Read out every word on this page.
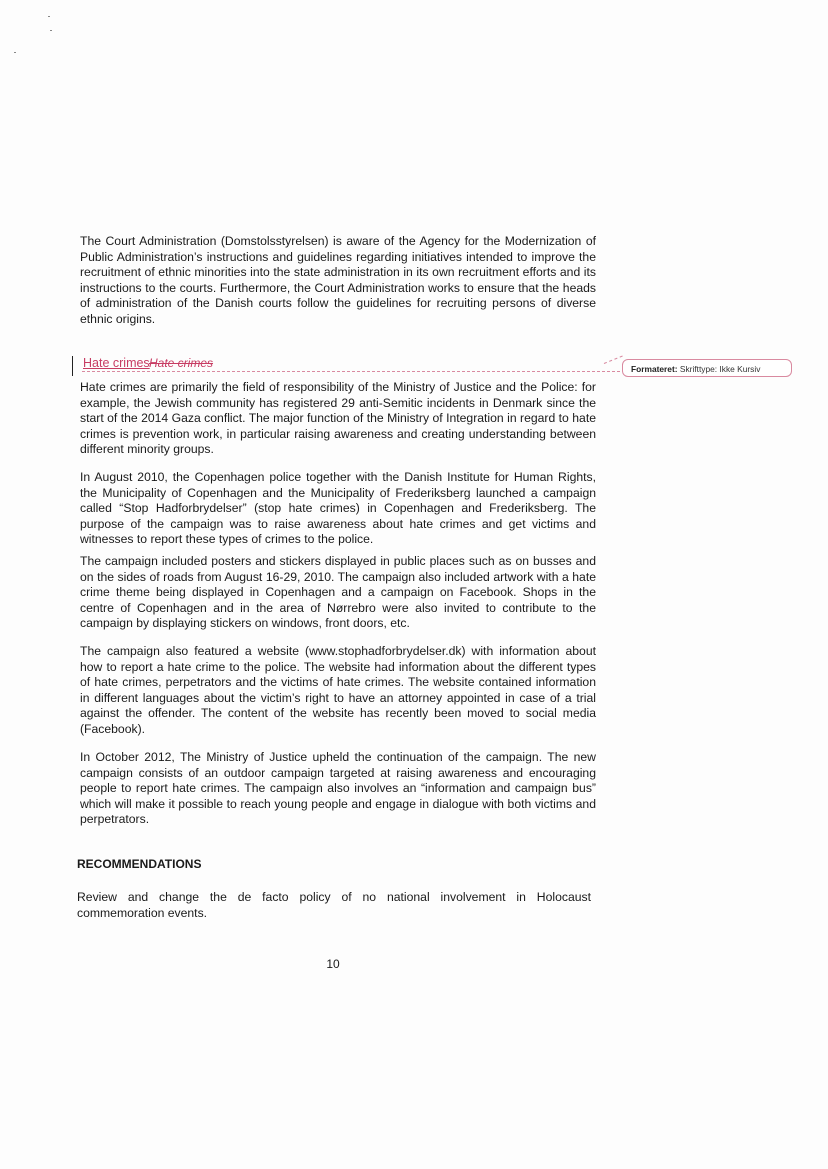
The Court Administration (Domstolsstyrelsen) is aware of the Agency for the Modernization of Public Administration’s instructions and guidelines regarding initiatives intended to improve the recruitment of ethnic minorities into the state administration in its own recruitment efforts and its instructions to the courts. Furthermore, the Court Administration works to ensure that the heads of administration of the Danish courts follow the guidelines for recruiting persons of diverse ethnic origins.

Hate crimes Hate crimes	Formateret: Skrifttype: Ikke Kursiv

Hate crimes are primarily the field of responsibility of the Ministry of Justice and the Police: for example, the Jewish community has registered 29 anti-Semitic incidents in Denmark since the start of the 2014 Gaza conflict. The major function of the Ministry of Integration in regard to hate crimes is prevention work, in particular raising awareness and creating understanding between different minority groups.

In August 2010, the Copenhagen police together with the Danish Institute for Human Rights, the Municipality of Copenhagen and the Municipality of Frederiksberg launched a campaign called “Stop Hadforbrydelser” (stop hate crimes) in Copenhagen and Frederiksberg. The purpose of the campaign was to raise awareness about hate crimes and get victims and witnesses to report these types of crimes to the police.

The campaign included posters and stickers displayed in public places such as on busses and on the sides of roads from August 16-29, 2010. The campaign also included artwork with a hate crime theme being displayed in Copenhagen and a campaign on Facebook. Shops in the centre of Copenhagen and in the area of Nørrebro were also invited to contribute to the campaign by displaying stickers on windows, front doors, etc.

The campaign also featured a website (www.stophadforbrydelser.dk) with information about how to report a hate crime to the police. The website had information about the different types of hate crimes, perpetrators and the victims of hate crimes. The website contained information in different languages about the victim’s right to have an attorney appointed in case of a trial against the offender. The content of the website has recently been moved to social media (Facebook).

In October 2012, The Ministry of Justice upheld the continuation of the campaign. The new campaign consists of an outdoor campaign targeted at raising awareness and encouraging people to report hate crimes. The campaign also involves an “information and campaign bus” which will make it possible to reach young people and engage in dialogue with both victims and perpetrators.

RECOMMENDATIONS

Review and change the de facto policy of no national involvement in Holocaust commemoration events.

10
